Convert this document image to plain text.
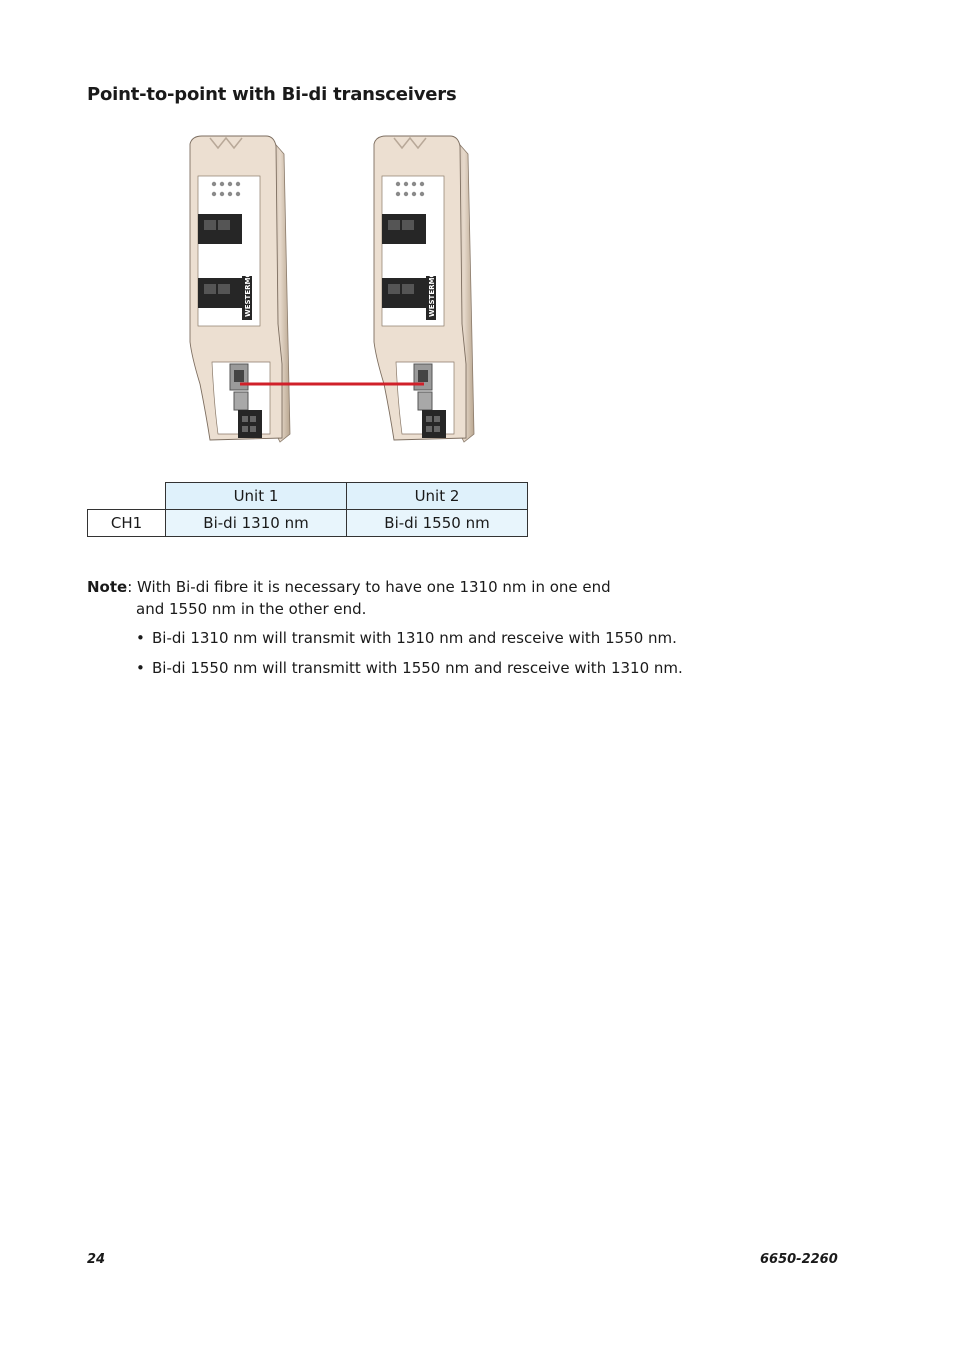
Point-to-point with Bi-di transceivers
WESTERMO	WESTERMO
	Unit 1	Unit 2
CH1	Bi-di 1310 nm	Bi-di 1550 nm
Note: With Bi-di fibre it is necessary to have one 1310 nm in one end
and 1550 nm in the other end.
• Bi-di 1310 nm will transmit with 1310 nm and resceive with 1550 nm.
• Bi-di 1550 nm will transmitt with 1550 nm and resceive with 1310 nm.
24	6650-2260
